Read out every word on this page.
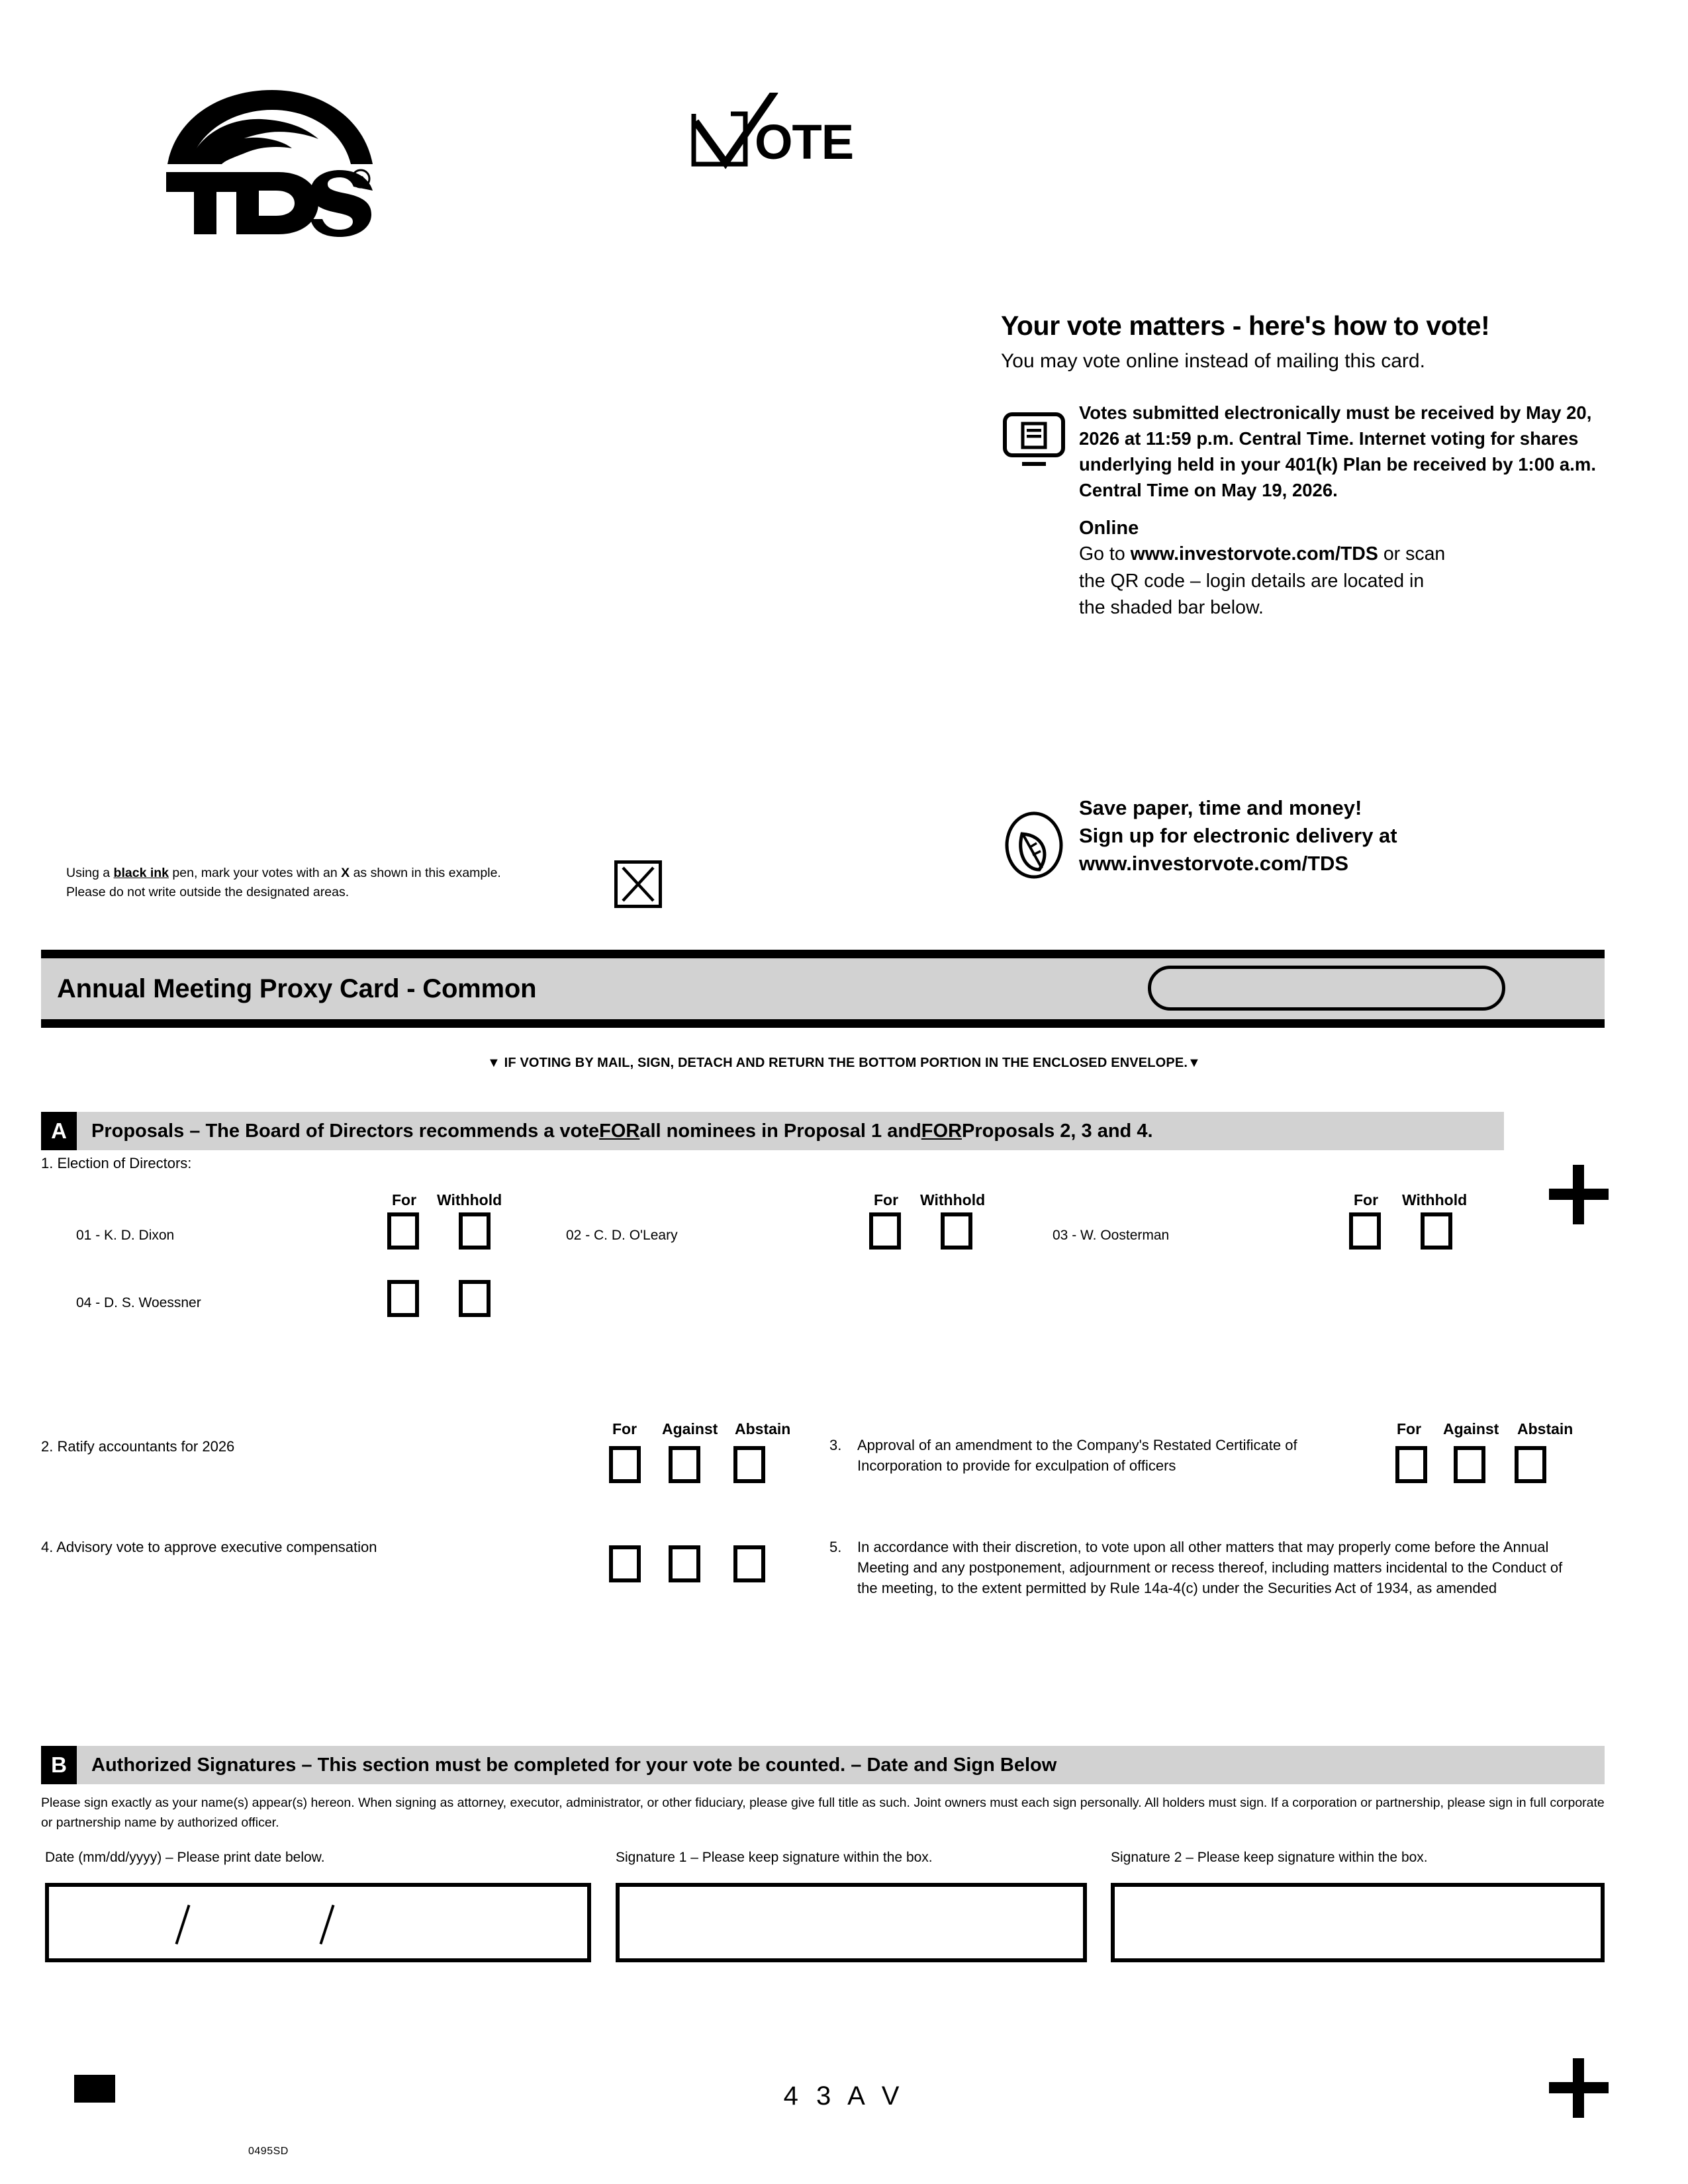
R
OTE
Your vote matters - here's how to vote!
You may vote online instead of mailing this card.
Votes submitted electronically must be received by May 20, 2026 at 11:59 p.m. Central Time. Internet voting for shares underlying held in your 401(k) Plan be received by 1:00 a.m. Central Time on May 19, 2026.
Online
Go to www.investorvote.com/TDS or scan
the QR code – login details are located in
the shaded bar below.
Save paper, time and money!
Sign up for electronic delivery at
www.investorvote.com/TDS
Using a black ink pen, mark your votes with an X as shown in this example.
Please do not write outside the designated areas.
Annual Meeting Proxy Card - Common
▼ IF VOTING BY MAIL, SIGN, DETACH AND RETURN THE BOTTOM PORTION IN THE ENCLOSED ENVELOPE.▼
A	Proposals – The Board of Directors recommends a vote FOR all nominees in Proposal 1 and FOR Proposals 2, 3 and 4.
1. Election of Directors:
For Withhold	For Withhold	For Withhold
01 - K. D. Dixon	02 - C. D. O'Leary	03 - W. Oosterman
04 - D. S. Woessner
For Against Abstain	For Against Abstain
2. Ratify accountants for 2026	3.	Approval of an amendment to the Company's Restated Certificate of Incorporation to provide for exculpation of officers
4. Advisory vote to approve executive compensation	5.	In accordance with their discretion, to vote upon all other matters that may properly come before the Annual Meeting and any postponement, adjournment or recess thereof, including matters incidental to the Conduct of the meeting, to the extent permitted by Rule 14a-4(c) under the Securities Act of 1934, as amended
B	Authorized Signatures – This section must be completed for your vote be counted. – Date and Sign Below
Please sign exactly as your name(s) appear(s) hereon. When signing as attorney, executor, administrator, or other fiduciary, please give full title as such. Joint owners must each sign personally. All holders must sign. If a corporation or partnership, please sign in full corporate or partnership name by authorized officer.
Date (mm/dd/yyyy) – Please print date below.	Signature 1 – Please keep signature within the box.	Signature 2 – Please keep signature within the box.
4 3 A V
0495SD
